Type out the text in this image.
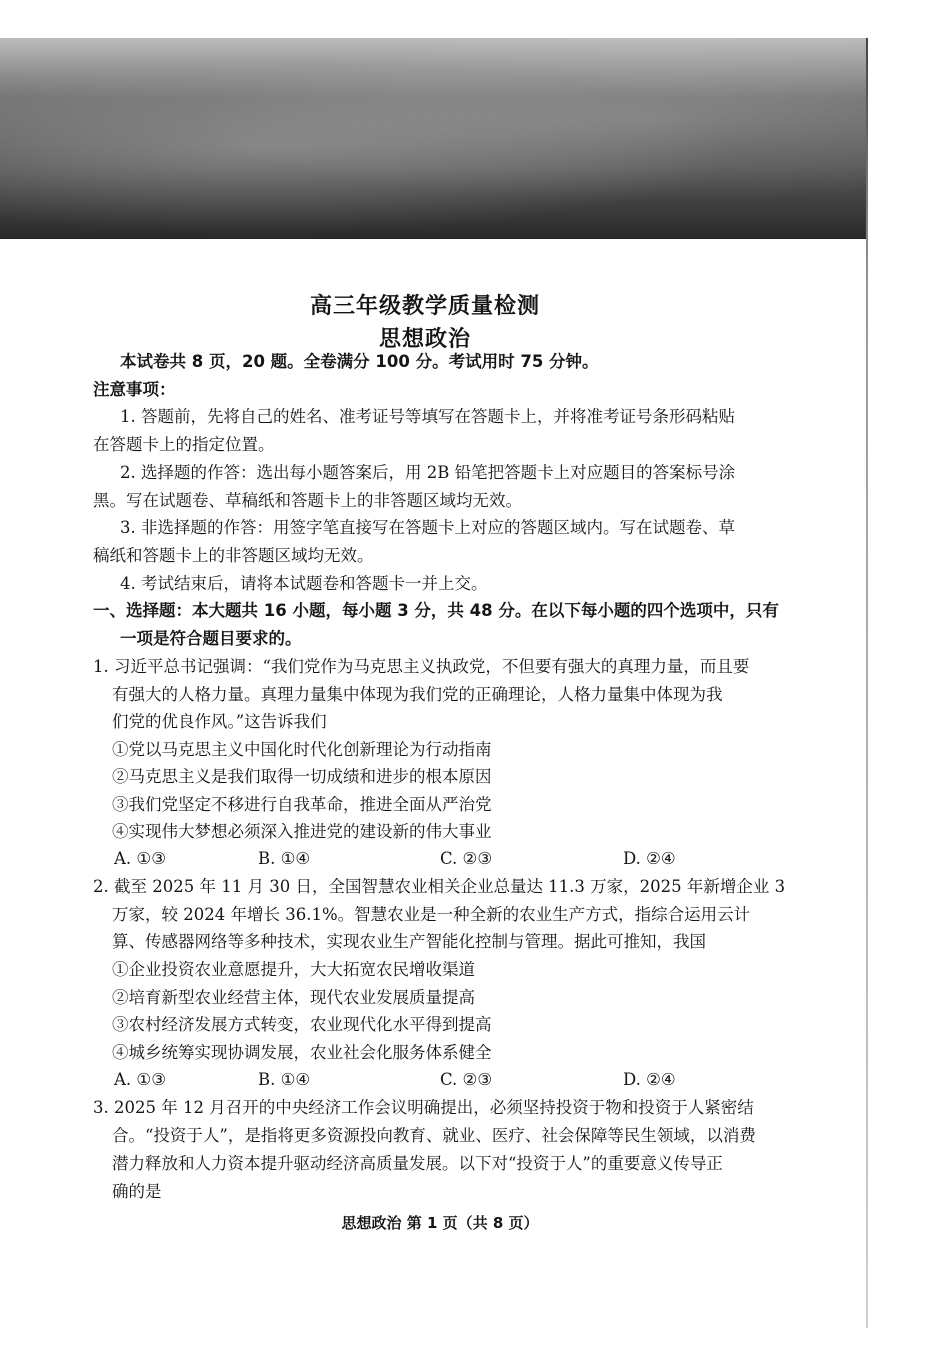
高三年级教学质量检测
思想政治
本试卷共 8 页，20 题。全卷满分 100 分。考试用时 75 分钟。
注意事项：
1. 答题前，先将自己的姓名、准考证号等填写在答题卡上，并将准考证号条形码粘贴
在答题卡上的指定位置。
2. 选择题的作答：选出每小题答案后，用 2B 铅笔把答题卡上对应题目的答案标号涂
黑。写在试题卷、草稿纸和答题卡上的非答题区域均无效。
3. 非选择题的作答：用签字笔直接写在答题卡上对应的答题区域内。写在试题卷、草
稿纸和答题卡上的非答题区域均无效。
4. 考试结束后，请将本试题卷和答题卡一并上交。
一、选择题：本大题共 16 小题，每小题 3 分，共 48 分。在以下每小题的四个选项中，只有
一项是符合题目要求的。
1. 习近平总书记强调：“我们党作为马克思主义执政党，不但要有强大的真理力量，而且要
有强大的人格力量。真理力量集中体现为我们党的正确理论，人格力量集中体现为我
们党的优良作风。”这告诉我们
①党以马克思主义中国化时代化创新理论为行动指南
②马克思主义是我们取得一切成绩和进步的根本原因
③我们党坚定不移进行自我革命，推进全面从严治党
④实现伟大梦想必须深入推进党的建设新的伟大事业
A. ①③	B. ①④	C. ②③	D. ②④
2. 截至 2025 年 11 月 30 日，全国智慧农业相关企业总量达 11.3 万家，2025 年新增企业 3
万家，较 2024 年增长 36.1%。智慧农业是一种全新的农业生产方式，指综合运用云计
算、传感器网络等多种技术，实现农业生产智能化控制与管理。据此可推知，我国
①企业投资农业意愿提升，大大拓宽农民增收渠道
②培育新型农业经营主体，现代农业发展质量提高
③农村经济发展方式转变，农业现代化水平得到提高
④城乡统筹实现协调发展，农业社会化服务体系健全
A. ①③	B. ①④	C. ②③	D. ②④
3. 2025 年 12 月召开的中央经济工作会议明确提出，必须坚持投资于物和投资于人紧密结
合。“投资于人”，是指将更多资源投向教育、就业、医疗、社会保障等民生领域，以消费
潜力释放和人力资本提升驱动经济高质量发展。以下对“投资于人”的重要意义传导正
确的是
思想政治 第 1 页（共 8 页）
